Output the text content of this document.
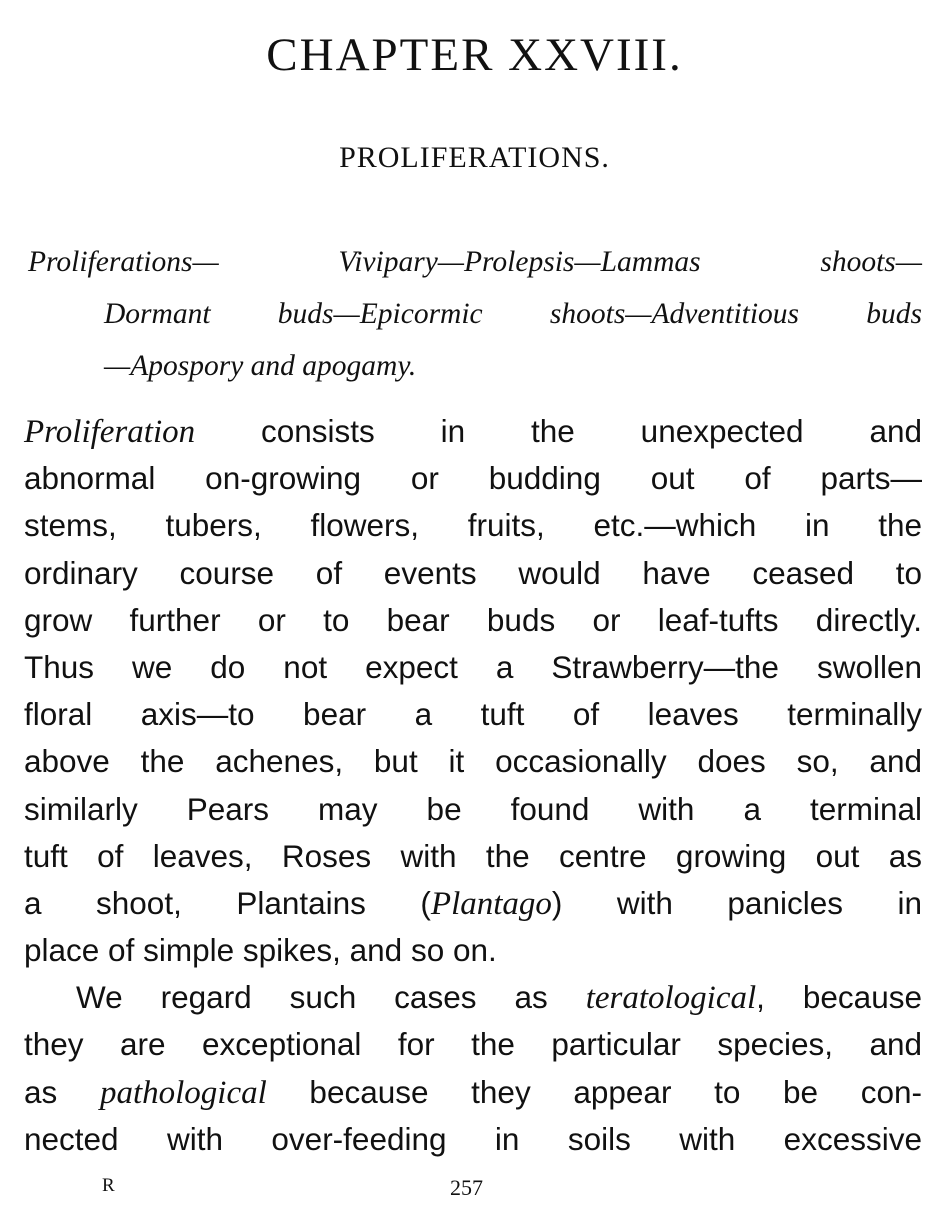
CHAPTER XXVIII.
PROLIFERATIONS.
Proliferations— Vivipary—Prolepsis—Lammas shoots—
Dormant buds—Epicormic shoots—Adventitious buds
—Apospory and apogamy.
Proliferation consists in the unexpected and
abnormal on-growing or budding out of parts—
stems, tubers, flowers, fruits, etc.—which in the
ordinary course of events would have ceased to
grow further or to bear buds or leaf-tufts directly.
Thus we do not expect a Strawberry—the swollen
floral axis—to bear a tuft of leaves terminally
above the achenes, but it occasionally does so, and
similarly Pears may be found with a terminal
tuft of leaves, Roses with the centre growing out as
a shoot, Plantains (Plantago) with panicles in
place of simple spikes, and so on.
We regard such cases as teratological, because
they are exceptional for the particular species, and
as pathological because they appear to be con-
nected with over-feeding in soils with excessive
R	257
